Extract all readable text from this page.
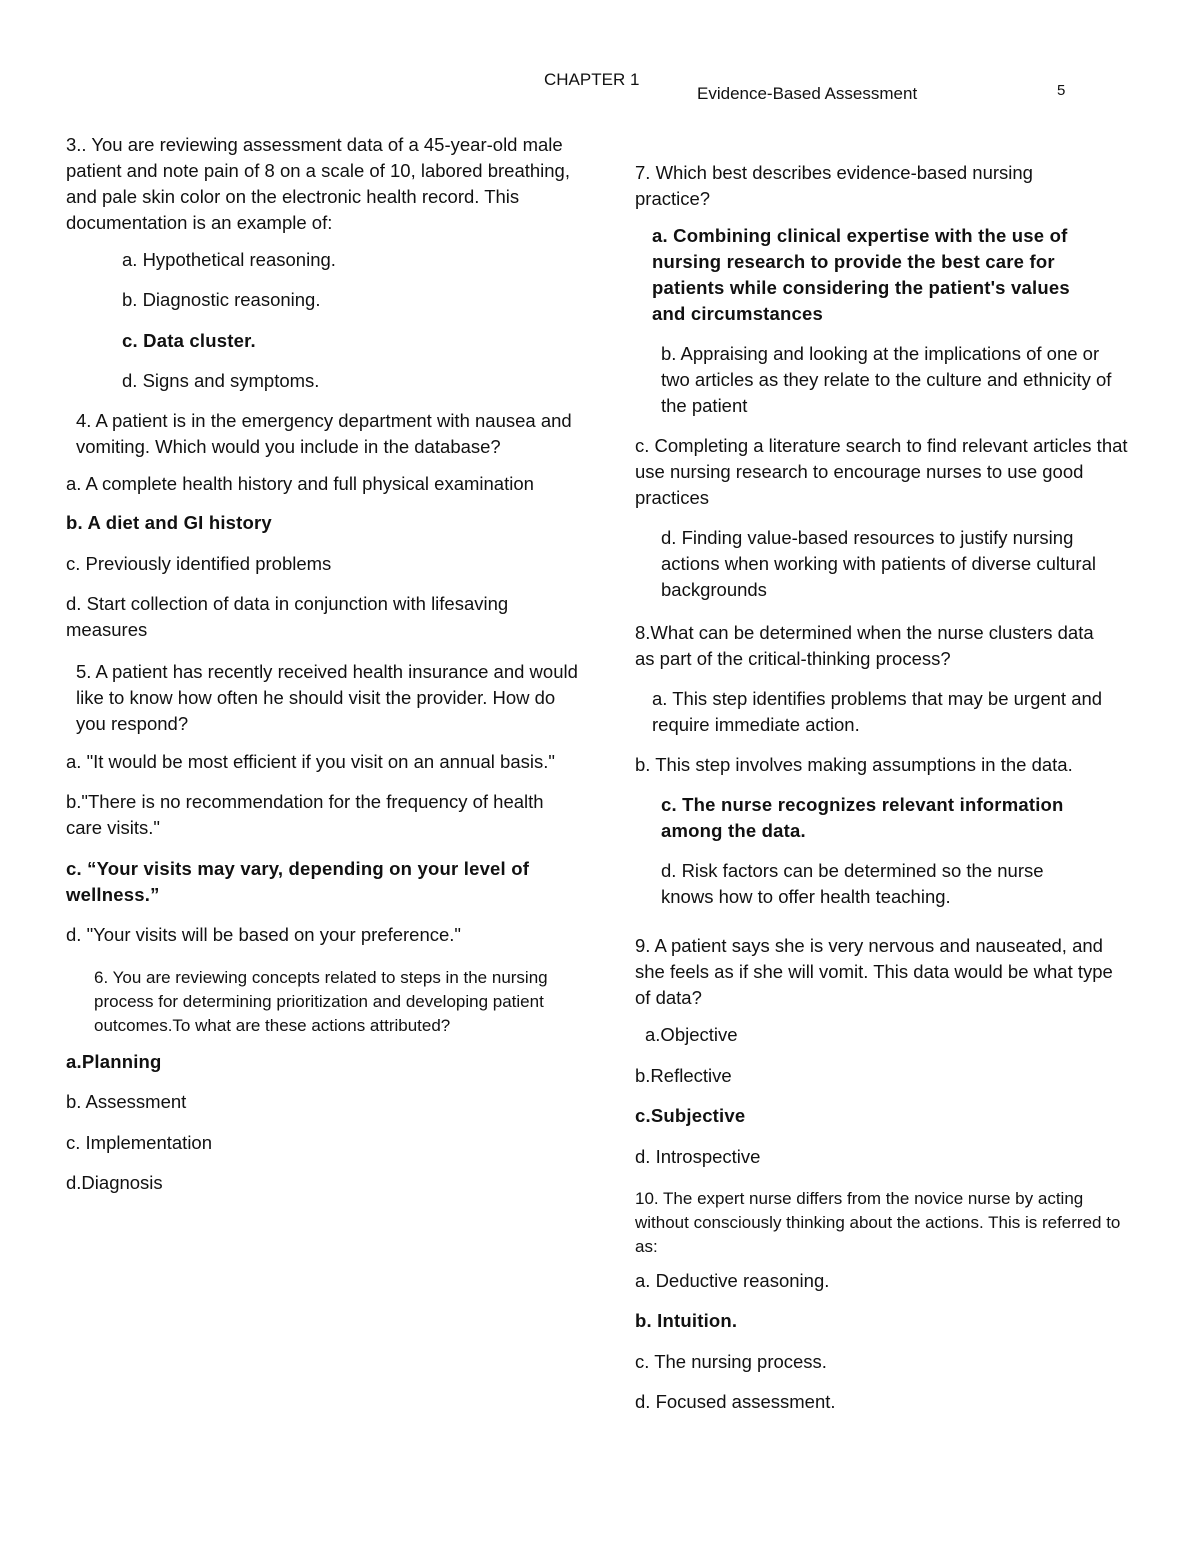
CHAPTER 1
Evidence-Based Assessment	5

3.. You are reviewing assessment data of a 45-year-old male patient and note pain of 8 on a scale of 10, labored breathing, and pale skin color on the electronic health record. This documentation is an example of:

a. Hypothetical reasoning.

b. Diagnostic reasoning.

c. Data cluster.

d. Signs and symptoms.

4. A patient is in the emergency department with nausea and vomiting. Which would you include in the database?

a. A complete health history and full physical examination

b. A diet and GI history

c. Previously identified problems

d. Start collection of data in conjunction with lifesaving measures

5. A patient has recently received health insurance and would like to know how often he should visit the provider. How do you respond?

a. "It would be most efficient if you visit on an annual basis."

b."There is no recommendation for the frequency of health care visits."

c. “Your visits may vary, depending on your level of wellness.”

d. "Your visits will be based on your preference."

6. You are reviewing concepts related to steps in the nursing process for determining prioritization and developing patient outcomes.To what are these actions attributed?

a.Planning

b. Assessment

c. Implementation

d.Diagnosis

7. Which best describes evidence-based nursing practice?

a. Combining clinical expertise with the use of nursing research to provide the best care for patients while considering the patient's values and circumstances

b. Appraising and looking at the implications of one or two articles as they relate to the culture and ethnicity of the patient

c. Completing a literature search to find relevant articles that use nursing research to encourage nurses to use good practices

d. Finding value-based resources to justify nursing actions when working with patients of diverse cultural backgrounds

8.What can be determined when the nurse clusters data as part of the critical-thinking process?

a. This step identifies problems that may be urgent and require immediate action.

b. This step involves making assumptions in the data.

c. The nurse recognizes relevant information among the data.

d. Risk factors can be determined so the nurse knows how to offer health teaching.

9. A patient says she is very nervous and nauseated, and she feels as if she will vomit. This data would be what type of data?

a.Objective

b.Reflective

c.Subjective

d. Introspective

10. The expert nurse differs from the novice nurse by acting without consciously thinking about the actions. This is referred to as:

a. Deductive reasoning.

b. Intuition.

c. The nursing process.

d. Focused assessment.
